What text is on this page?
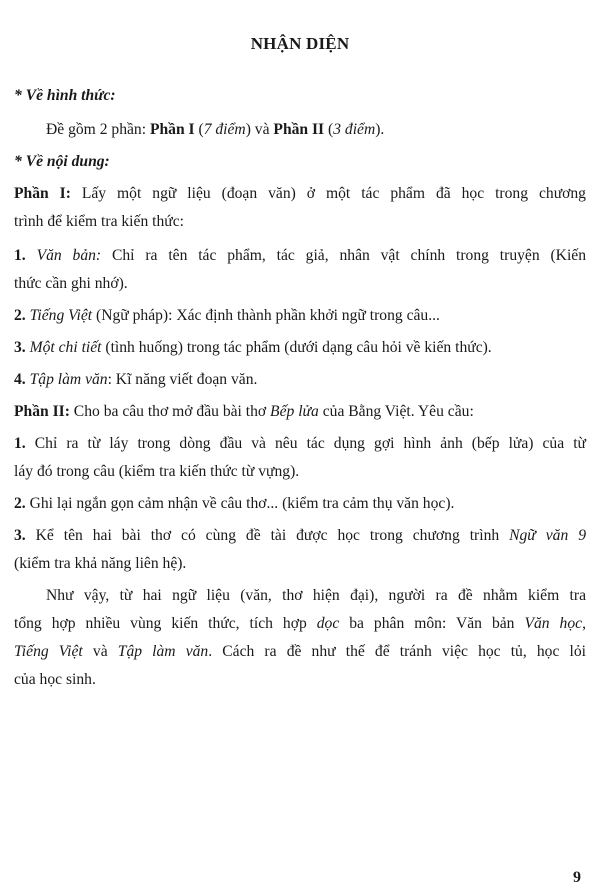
NHẬN DIỆN
* Về hình thức:
Đề gồm 2 phần: Phần I (7 điểm) và Phần II (3 điểm).
* Về nội dung:
Phần I: Lấy một ngữ liệu (đoạn văn) ở một tác phẩm đã học trong chương
trình để kiểm tra kiến thức:
1. Văn bản: Chỉ ra tên tác phẩm, tác giả, nhân vật chính trong truyện (Kiến
thức cần ghi nhớ).
2. Tiếng Việt (Ngữ pháp): Xác định thành phần khởi ngữ trong câu...
3. Một chi tiết (tình huống) trong tác phẩm (dưới dạng câu hỏi về kiến thức).
4. Tập làm văn: Kĩ năng viết đoạn văn.
Phần II: Cho ba câu thơ mở đầu bài thơ Bếp lửa của Bằng Việt. Yêu cầu:
1. Chỉ ra từ láy trong dòng đầu và nêu tác dụng gợi hình ảnh (bếp lửa) của từ
láy đó trong câu (kiểm tra kiến thức từ vựng).
2. Ghi lại ngắn gọn cảm nhận về câu thơ... (kiểm tra cảm thụ văn học).
3. Kể tên hai bài thơ có cùng đề tài được học trong chương trình Ngữ văn 9
(kiểm tra khả năng liên hệ).
Như vậy, từ hai ngữ liệu (văn, thơ hiện đại), người ra đề nhằm kiểm tra
tổng hợp nhiều vùng kiến thức, tích hợp dọc ba phân môn: Văn bản Văn học,
Tiếng Việt và Tập làm văn. Cách ra đề như thế để tránh việc học tủ, học lỏi
của học sinh.
9
